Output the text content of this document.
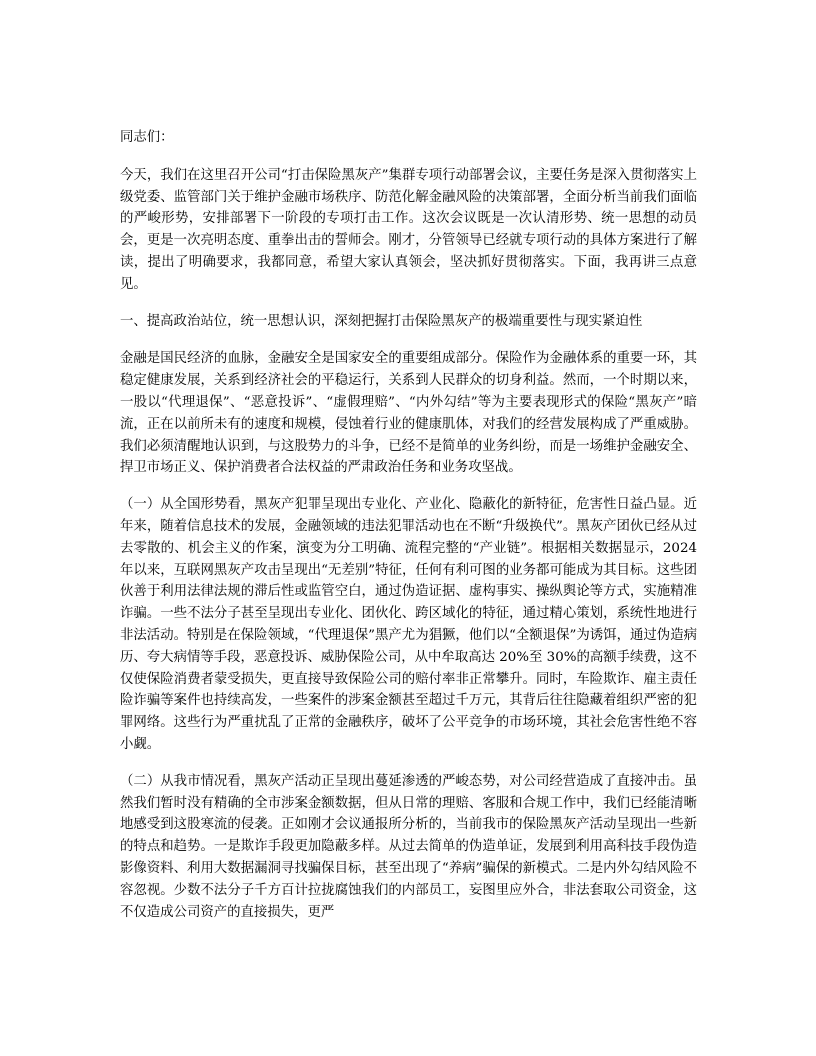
同志们：

今天，我们在这里召开公司“打击保险黑灰产”集群专项行动部署会议，主要任务是深入贯彻落实上级党委、监管部门关于维护金融市场秩序、防范化解金融风险的决策部署，全面分析当前我们面临的严峻形势，安排部署下一阶段的专项打击工作。这次会议既是一次认清形势、统一思想的动员会，更是一次亮明态度、重拳出击的誓师会。刚才，分管领导已经就专项行动的具体方案进行了解读，提出了明确要求，我都同意，希望大家认真领会，坚决抓好贯彻落实。下面，我再讲三点意见。

一、提高政治站位，统一思想认识，深刻把握打击保险黑灰产的极端重要性与现实紧迫性

金融是国民经济的血脉，金融安全是国家安全的重要组成部分。保险作为金融体系的重要一环，其稳定健康发展，关系到经济社会的平稳运行，关系到人民群众的切身利益。然而，一个时期以来，一股以“代理退保”、“恶意投诉”、“虚假理赔”、“内外勾结”等为主要表现形式的保险“黑灰产”暗流，正在以前所未有的速度和规模，侵蚀着行业的健康肌体，对我们的经营发展构成了严重威胁。我们必须清醒地认识到，与这股势力的斗争，已经不是简单的业务纠纷，而是一场维护金融安全、捍卫市场正义、保护消费者合法权益的严肃政治任务和业务攻坚战。

（一）从全国形势看，黑灰产犯罪呈现出专业化、产业化、隐蔽化的新特征，危害性日益凸显。近年来，随着信息技术的发展，金融领域的违法犯罪活动也在不断“升级换代”。黑灰产团伙已经从过去零散的、机会主义的作案，演变为分工明确、流程完整的“产业链”。根据相关数据显示，2024 年以来，互联网黑灰产攻击呈现出“无差别”特征，任何有利可图的业务都可能成为其目标。这些团伙善于利用法律法规的滞后性或监管空白，通过伪造证据、虚构事实、操纵舆论等方式，实施精准诈骗。一些不法分子甚至呈现出专业化、团伙化、跨区域化的特征，通过精心策划，系统性地进行非法活动。特别是在保险领域，“代理退保”黑产尤为猖獗，他们以“全额退保”为诱饵，通过伪造病历、夸大病情等手段，恶意投诉、威胁保险公司，从中牟取高达 20%至 30%的高额手续费，这不仅使保险消费者蒙受损失，更直接导致保险公司的赔付率非正常攀升。同时，车险欺诈、雇主责任险诈骗等案件也持续高发，一些案件的涉案金额甚至超过千万元，其背后往往隐藏着组织严密的犯罪网络。这些行为严重扰乱了正常的金融秩序，破坏了公平竞争的市场环境，其社会危害性绝不容小觑。

（二）从我市情况看，黑灰产活动正呈现出蔓延渗透的严峻态势，对公司经营造成了直接冲击。虽然我们暂时没有精确的全市涉案金额数据，但从日常的理赔、客服和合规工作中，我们已经能清晰地感受到这股寒流的侵袭。正如刚才会议通报所分析的，当前我市的保险黑灰产活动呈现出一些新的特点和趋势。一是欺诈手段更加隐蔽多样。从过去简单的伪造单证，发展到利用高科技手段伪造影像资料、利用大数据漏洞寻找骗保目标，甚至出现了“养病”骗保的新模式。二是内外勾结风险不容忽视。少数不法分子千方百计拉拢腐蚀我们的内部员工，妄图里应外合，非法套取公司资金，这不仅造成公司资产的直接损失，更严
